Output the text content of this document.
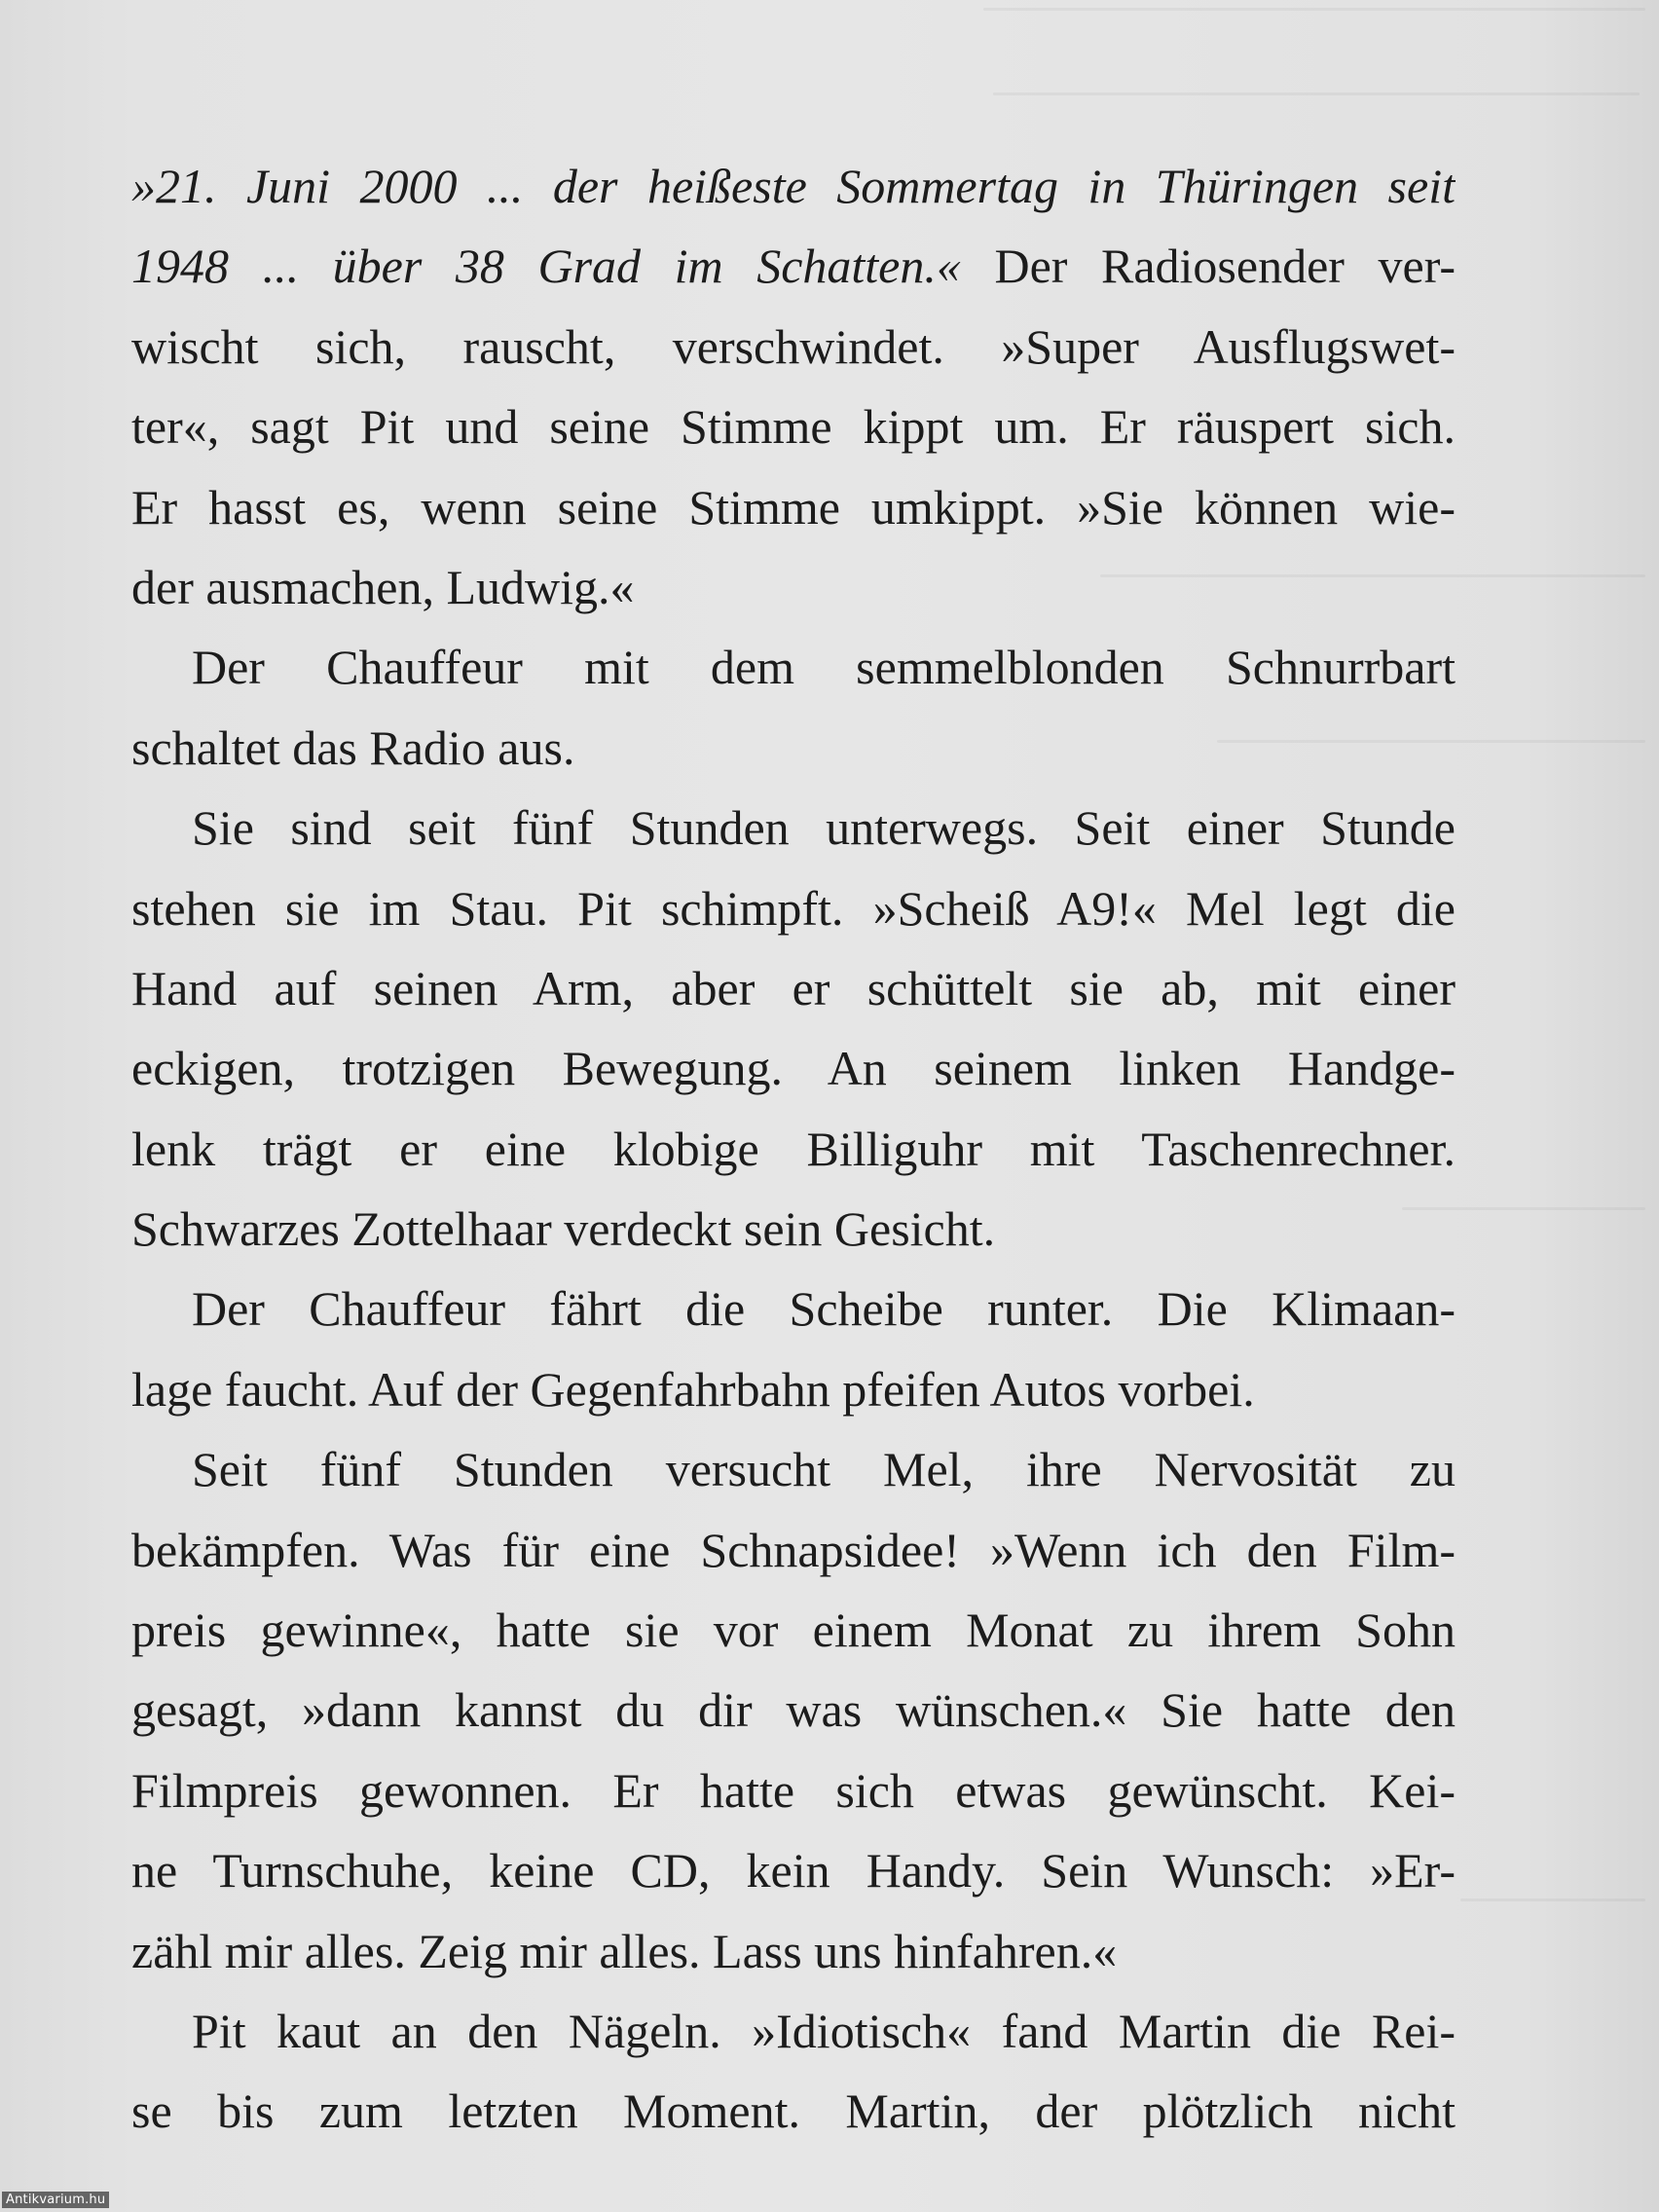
»21. Juni 2000 ... der heißeste Sommertag in Thüringen seit
1948 ... über 38 Grad im Schatten.« Der Radiosender ver-
wischt sich, rauscht, verschwindet. »Super Ausflugswet-
ter«, sagt Pit und seine Stimme kippt um. Er räuspert sich.
Er hasst es, wenn seine Stimme umkippt. »Sie können wie-
der ausmachen, Ludwig.«
Der Chauffeur mit dem semmelblonden Schnurrbart
schaltet das Radio aus.
Sie sind seit fünf Stunden unterwegs. Seit einer Stunde
stehen sie im Stau. Pit schimpft. »Scheiß A9!« Mel legt die
Hand auf seinen Arm, aber er schüttelt sie ab, mit einer
eckigen, trotzigen Bewegung. An seinem linken Handge-
lenk trägt er eine klobige Billiguhr mit Taschenrechner.
Schwarzes Zottelhaar verdeckt sein Gesicht.
Der Chauffeur fährt die Scheibe runter. Die Klimaan-
lage faucht. Auf der Gegenfahrbahn pfeifen Autos vorbei.
Seit fünf Stunden versucht Mel, ihre Nervosität zu
bekämpfen. Was für eine Schnapsidee! »Wenn ich den Film-
preis gewinne«, hatte sie vor einem Monat zu ihrem Sohn
gesagt, »dann kannst du dir was wünschen.« Sie hatte den
Filmpreis gewonnen. Er hatte sich etwas gewünscht. Kei-
ne Turnschuhe, keine CD, kein Handy. Sein Wunsch: »Er-
zähl mir alles. Zeig mir alles. Lass uns hinfahren.«
Pit kaut an den Nägeln. »Idiotisch« fand Martin die Rei-
se bis zum letzten Moment. Martin, der plötzlich nicht
Antikvarium.hu
